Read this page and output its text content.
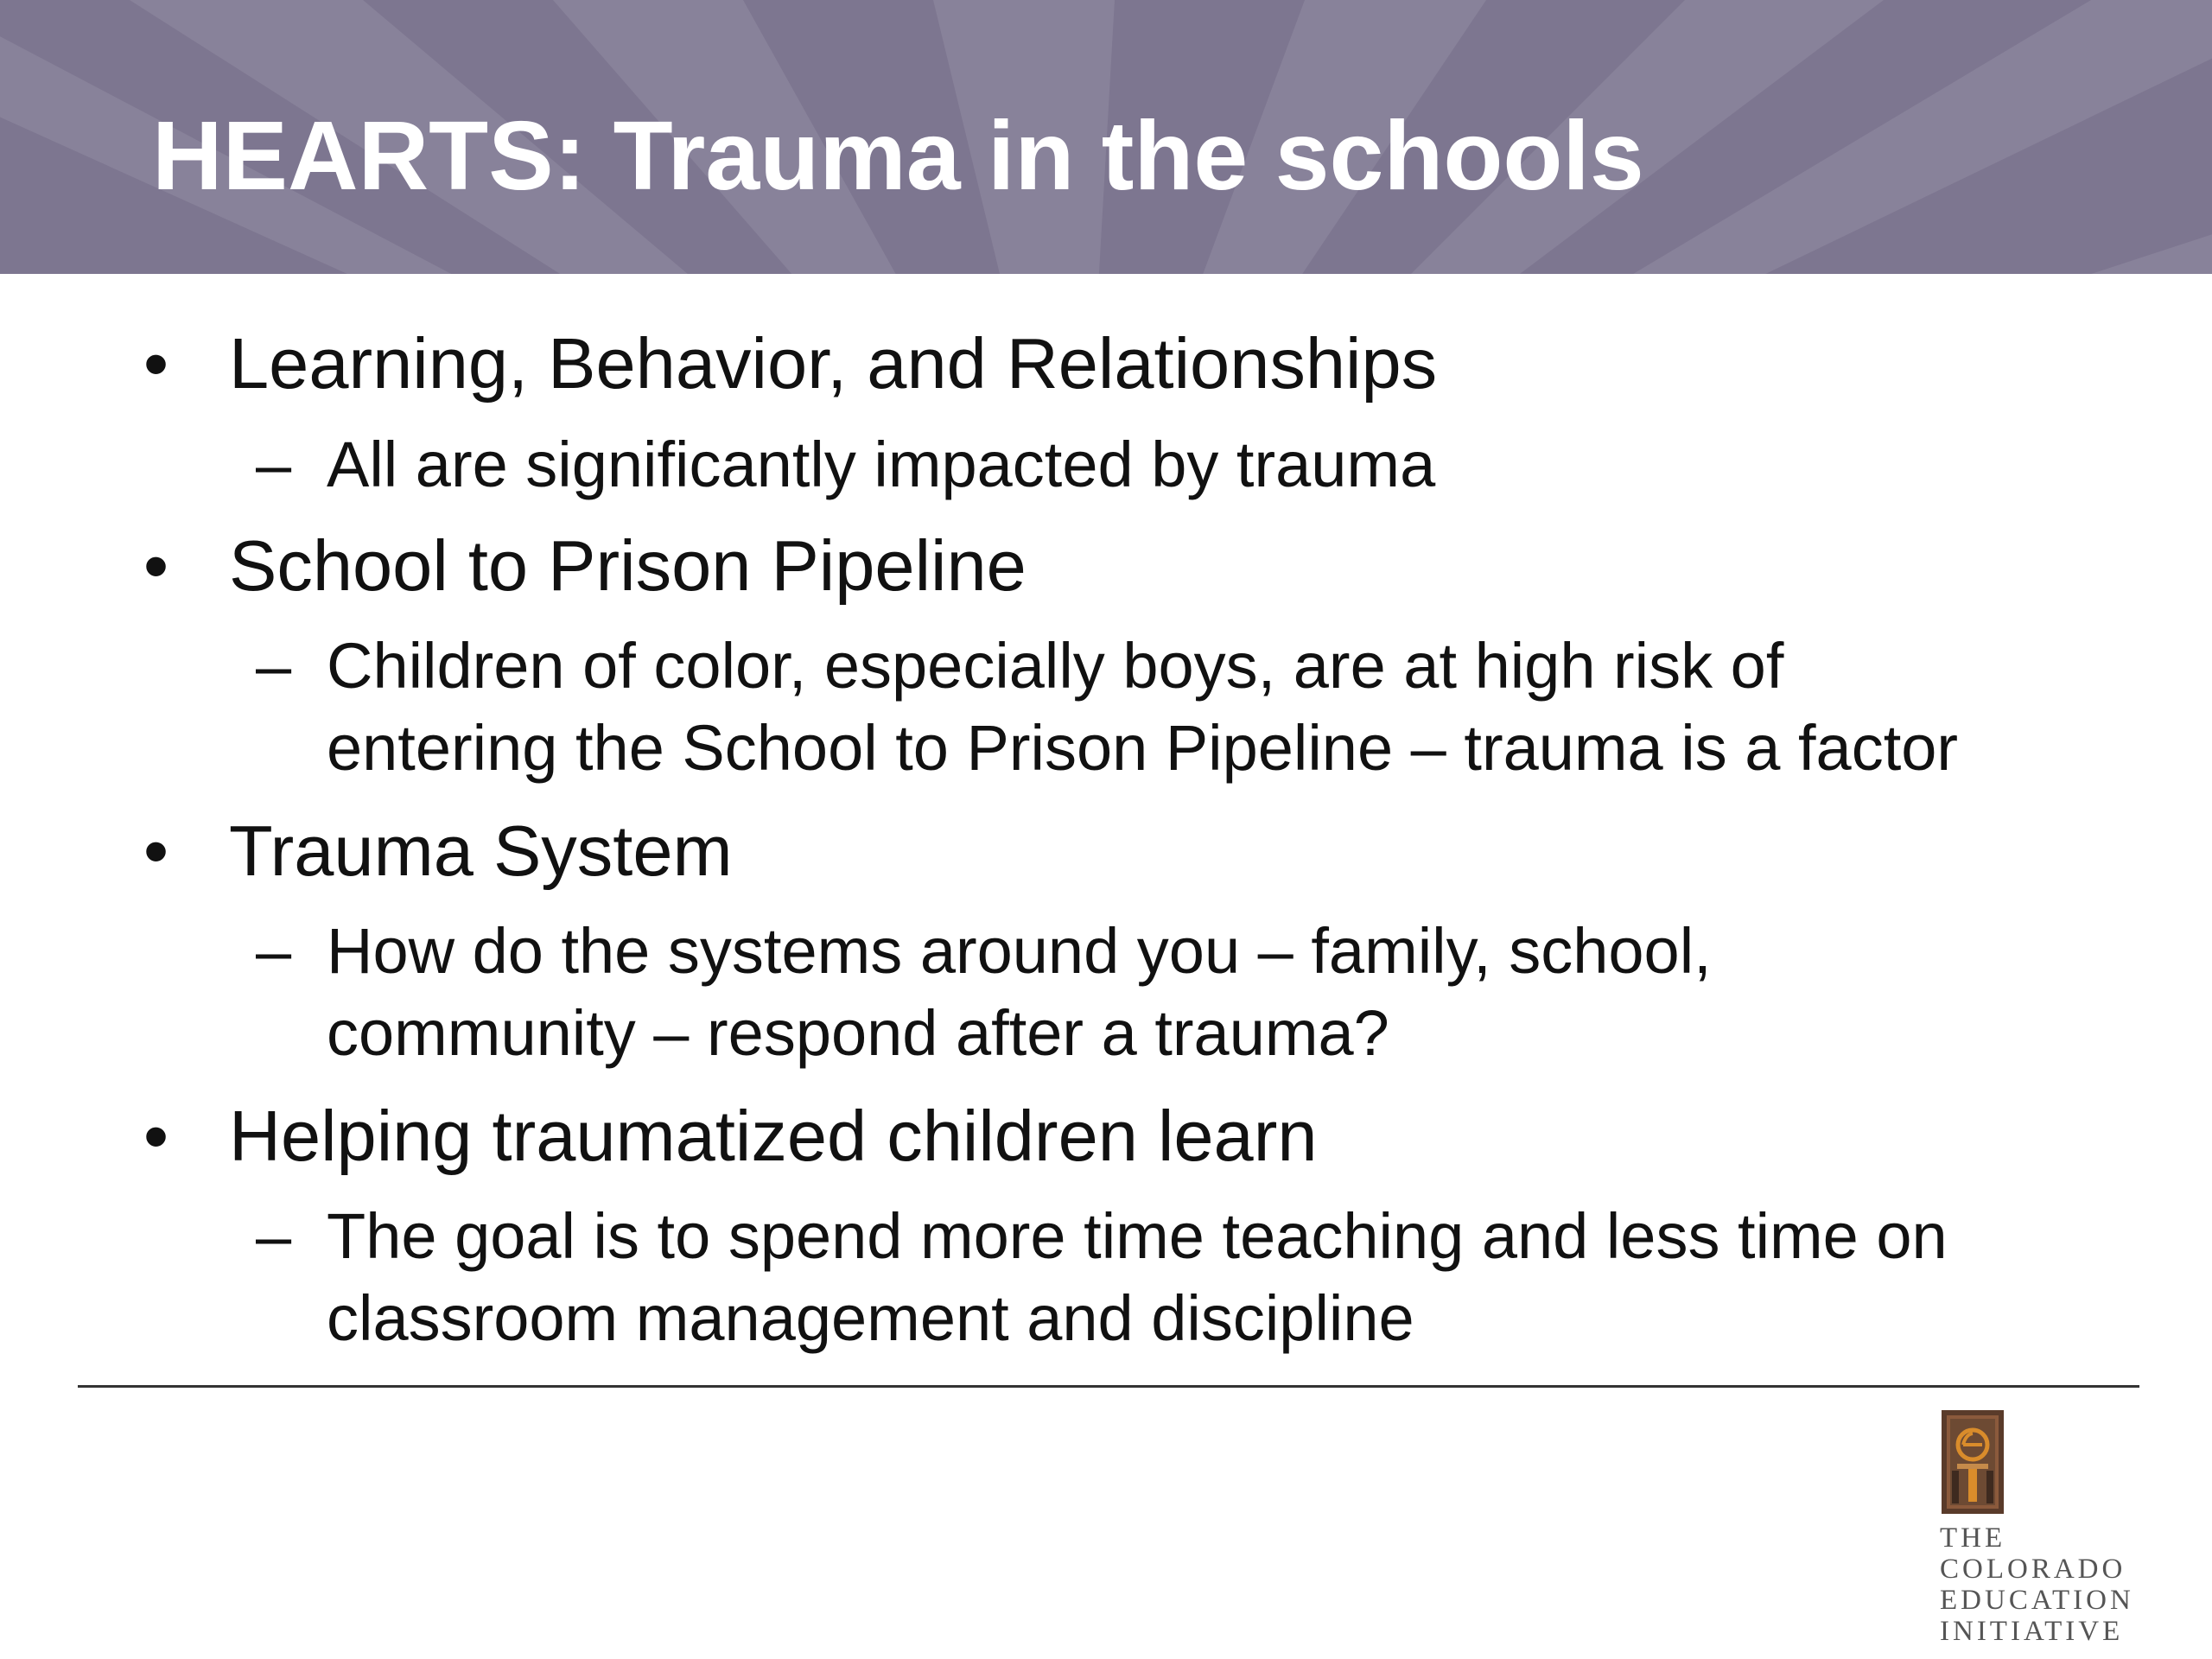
HEARTS: Trauma in the schools
• Learning, Behavior, and Relationships
– All are significantly impacted by trauma
• School to Prison Pipeline
– Children of color, especially boys, are at high risk of
entering the School to Prison Pipeline – trauma is a factor
• Trauma System
– How do the systems around you – family, school,
community – respond after a trauma?
• Helping traumatized children learn
– The goal is to spend more time teaching and less time on
classroom management and discipline
THE
COLORADO
EDUCATION
INITIATIVE
